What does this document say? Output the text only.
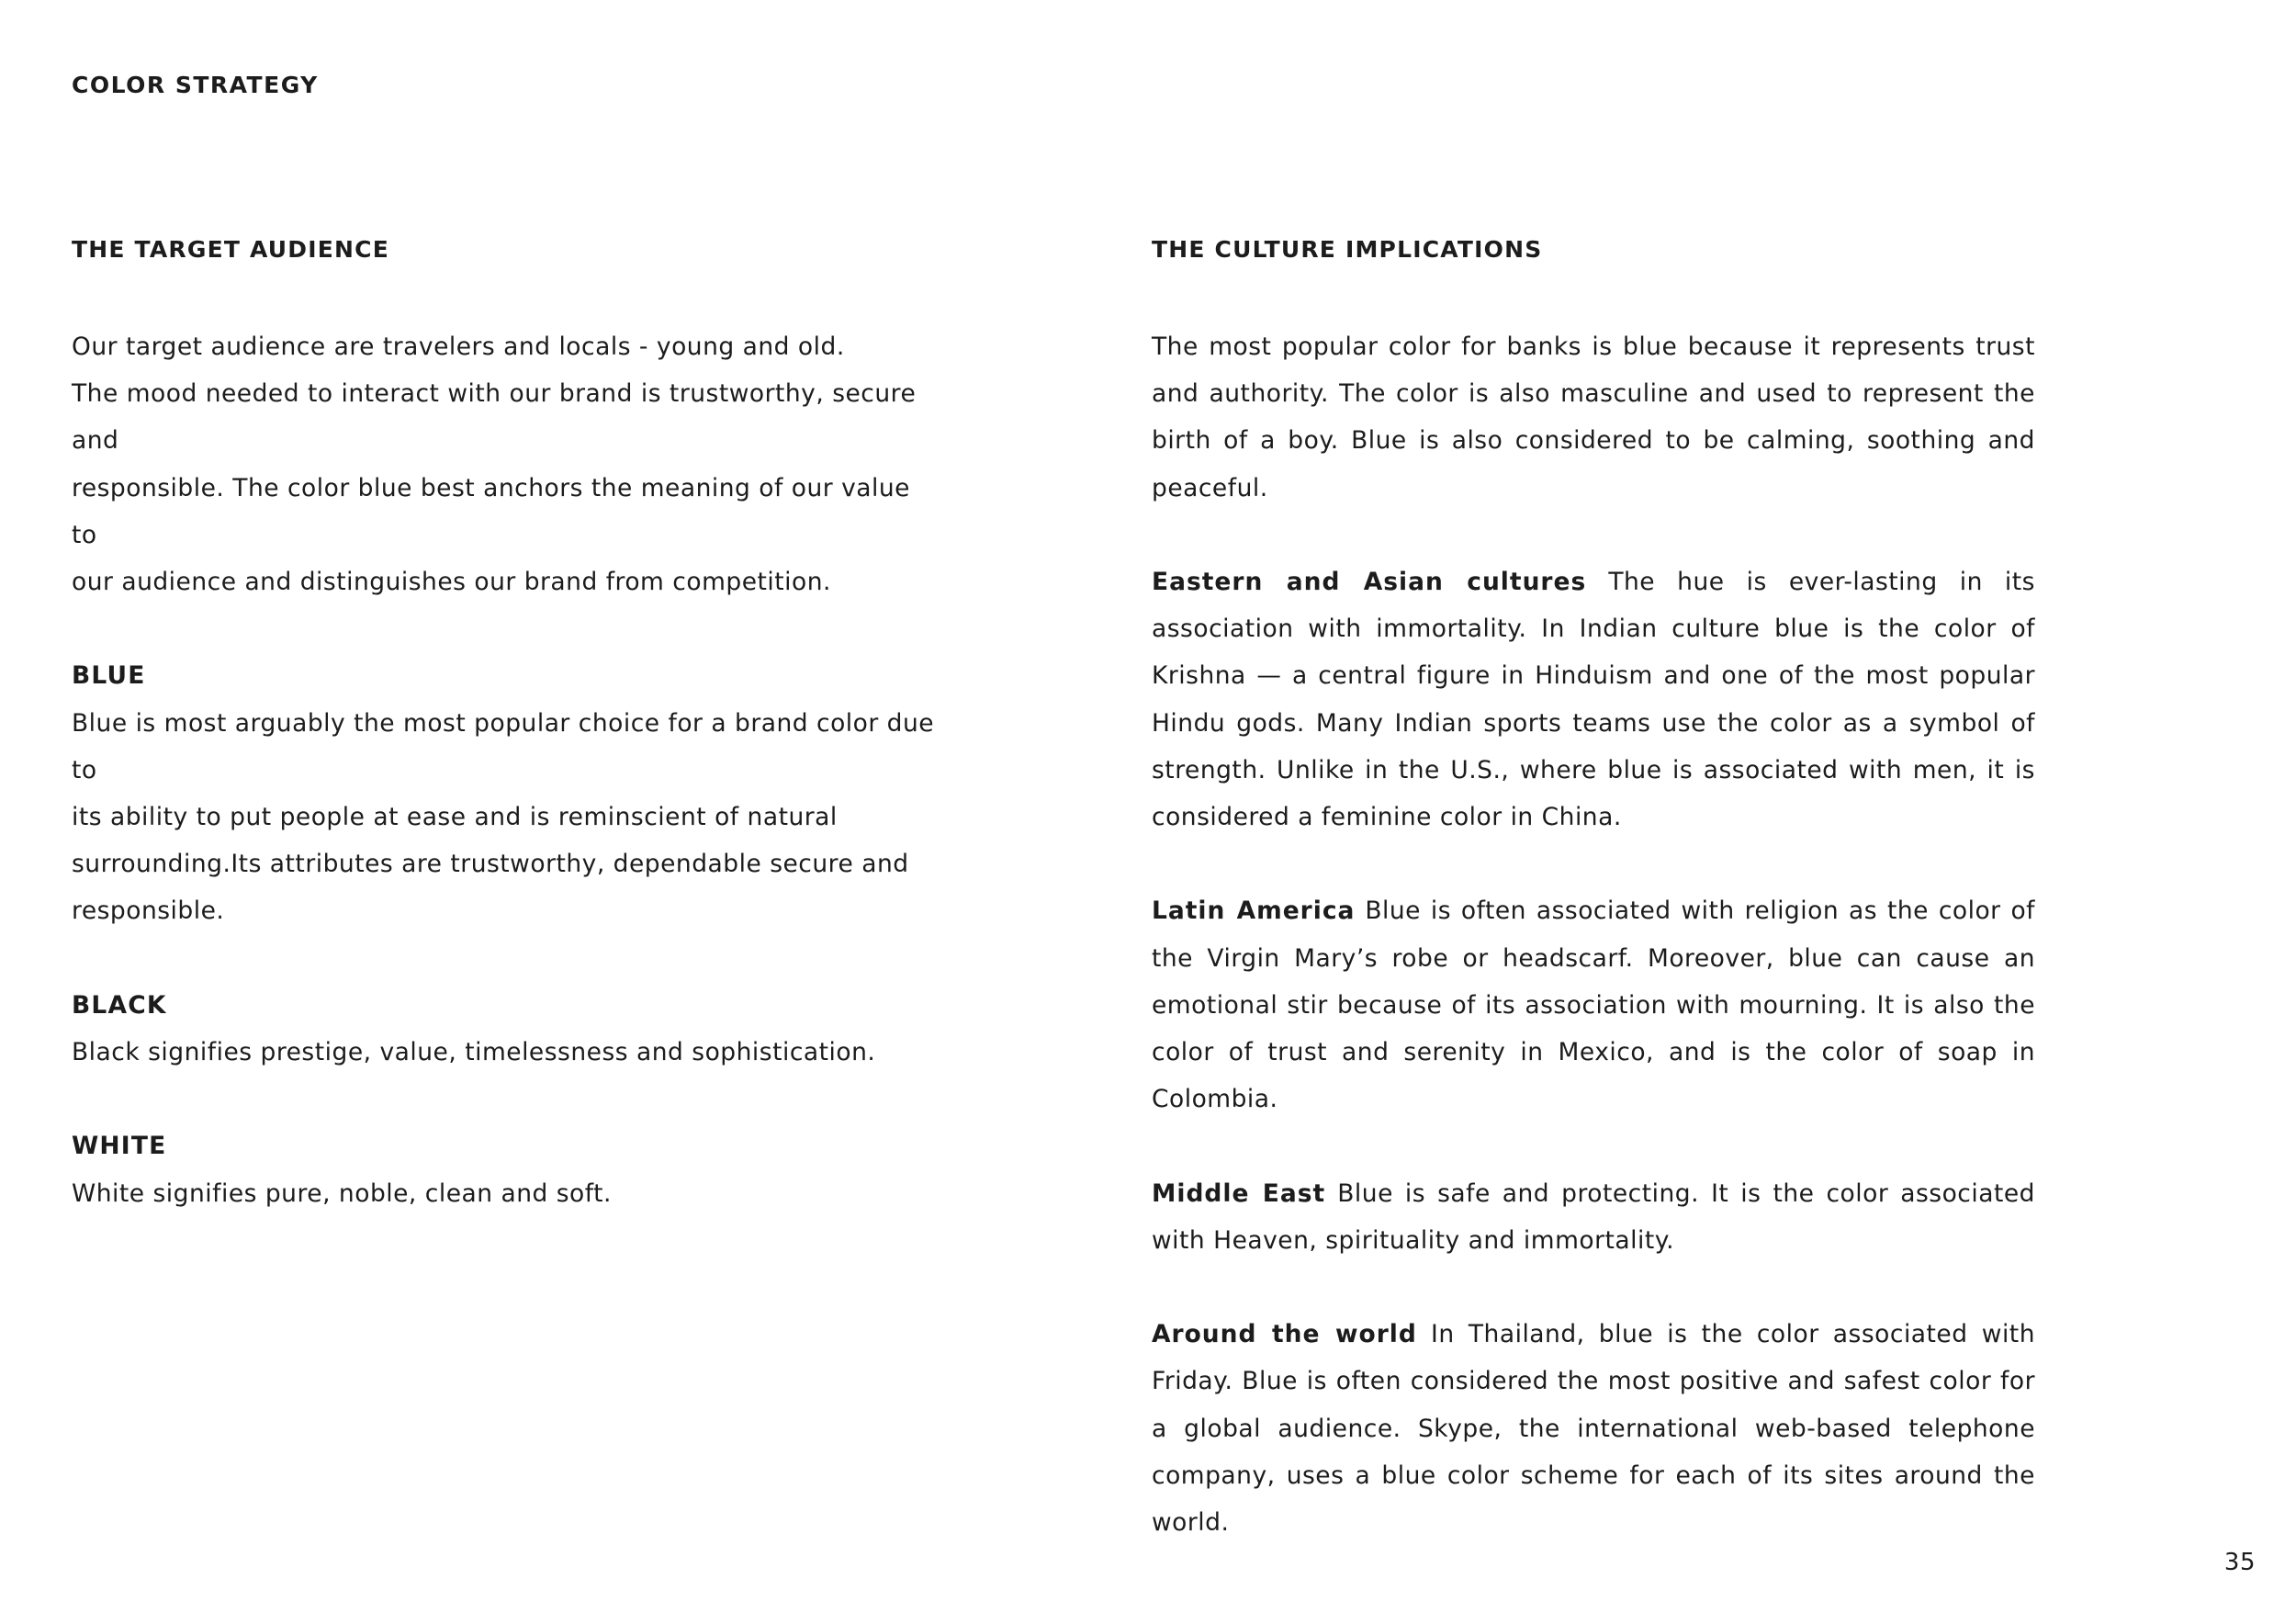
COLOR STRATEGY
THE TARGET AUDIENCE

Our target audience are travelers and locals - young and old.
The mood needed to interact with our brand is trustworthy, secure and
responsible. The color blue best anchors the meaning of our value to
our audience and distinguishes our brand from competition.

BLUE

Blue is most arguably the most popular choice for a brand color due to
its ability to put people at ease and is reminscient of natural
surrounding.Its attributes are trustworthy, dependable secure and
responsible.

BLACK

Black signifies prestige, value, timelessness and sophistication.

WHITE

White signifies pure, noble, clean and soft.

THE CULTURE IMPLICATIONS

The most popular color for banks is blue because it represents trust and authority. The color is also masculine and used to represent the birth of a boy. Blue is also considered to be calming, soothing and peaceful.

Eastern and Asian cultures The hue is ever-lasting in its association with immortality. In Indian culture blue is the color of Krishna — a central figure in Hinduism and one of the most popular Hindu gods. Many Indian sports teams use the color as a symbol of strength. Unlike in the U.S., where blue is associated with men, it is considered a feminine color in China.

Latin America Blue is often associated with religion as the color of the Virgin Mary’s robe or headscarf. Moreover, blue can cause an emotional stir because of its association with mourning. It is also the color of trust and serenity in Mexico, and is the color of soap in Colombia.

Middle East Blue is safe and protecting. It is the color associated with Heaven, spirituality and immortality.

Around the world In Thailand, blue is the color associated with Friday. Blue is often considered the most positive and safest color for a global audience. Skype, the international web-based telephone company, uses a blue color scheme for each of its sites around the world.

35
